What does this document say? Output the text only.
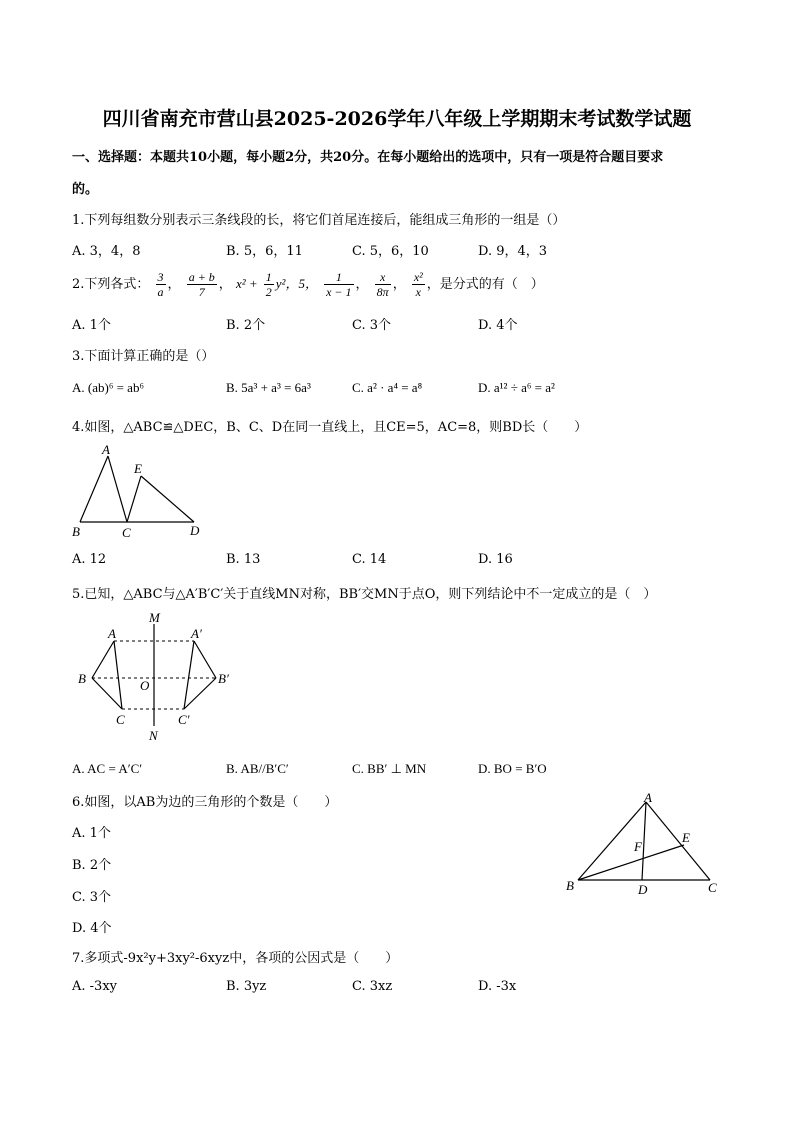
四川省南充市营山县2025-2026学年八年级上学期期末考试数学试题
一、选择题：本题共10小题，每小题2分，共20分。在每小题给出的选项中，只有一项是符合题目要求
的。
1.下列每组数分别表示三条线段的长，将它们首尾连接后，能组成三角形的一组是（）
A. 3，4，8	B. 5，6，11	C. 5，6，10	D. 9，4，3
2.下列各式： $\frac{3}{a}$ ， $\frac{a + b}{7}$ ， $x^2 + \frac{1}{2} y^2$，5， $\frac{1}{x - 1}$ ， $\frac{x}{8\pi}$ ， $\frac{\text{x²}}{x}$ ，是分式的有（　）
A. 1个	B. 2个	C. 3个	D. 4个
3.下面计算正确的是（）
A. (ab)⁶ = ab⁶	B. 5a³ + a³ = 6a³	C. a² · a⁴ = a⁸	D. a¹² ÷ a⁶ = a²
4.如图，△ABC≌△DEC，B、C、D在同一直线上，且CE=5，AC=8，则BD长（　　）
A
E
B	C	D
A. 12	B. 13	C. 14	D. 16
5.已知，△ABC与△A′B′C′关于直线MN对称，BB′交MN于点O，则下列结论中不一定成立的是（　）
M
A	A′
B	O	B′
C	C′
N
A. AC = A′C′	B. AB//B′C′	C. BB′ ⊥ MN	D. BO = B′O
6.如图，以AB为边的三角形的个数是（　　）
A. 1个
B. 2个
C. 3个
D. 4个
A
E
F
B	D	C
7.多项式-9x²y+3xy²-6xyz中，各项的公因式是（　　）
A. -3xy	B. 3yz	C. 3xz	D. -3x
